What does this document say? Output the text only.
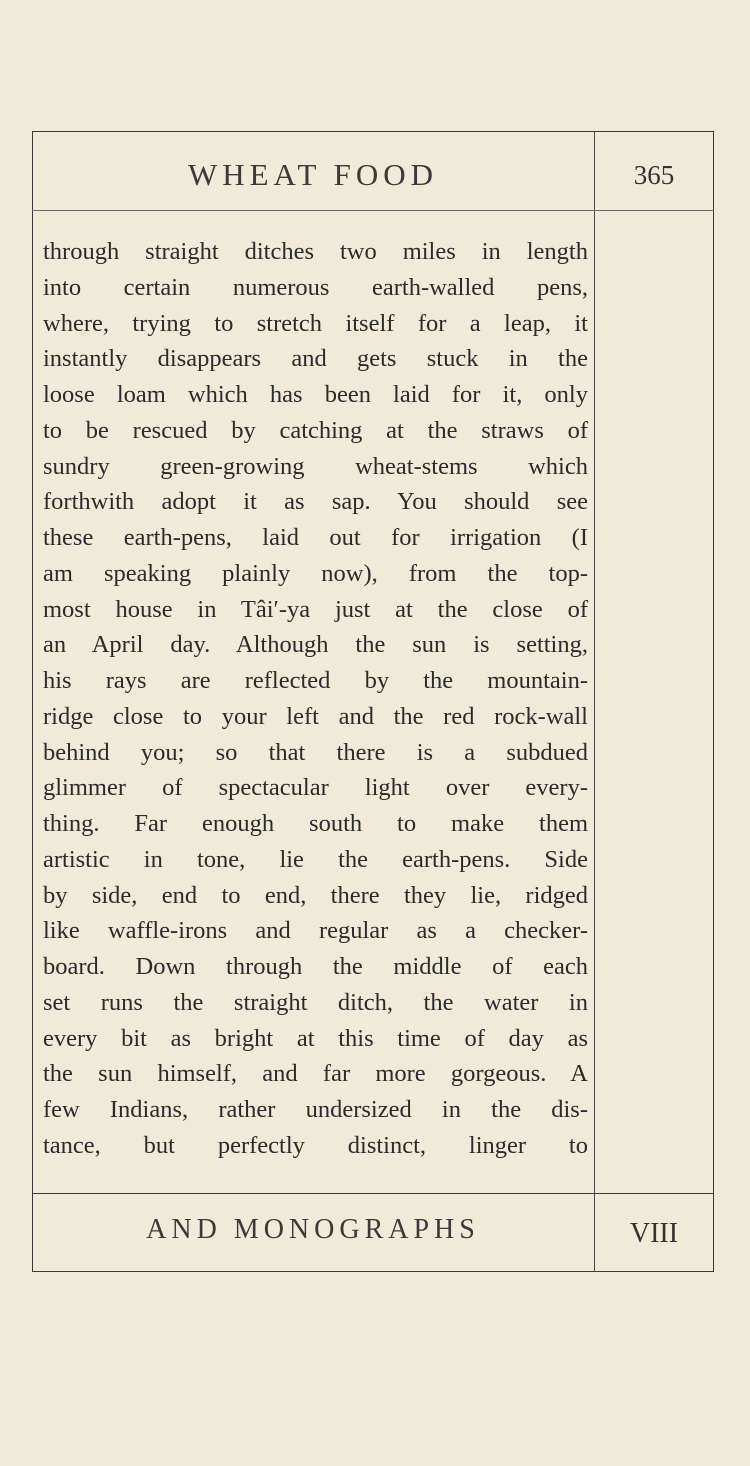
WHEAT FOOD	365
through straight ditches two miles in length
into certain numerous earth-walled pens,
where, trying to stretch itself for a leap, it
instantly disappears and gets stuck in the
loose loam which has been laid for it, only
to be rescued by catching at the straws of
sundry green-growing wheat-stems which
forthwith adopt it as sap. You should see
these earth-pens, laid out for irrigation (I
am speaking plainly now), from the top-
most house in Tâi′-ya just at the close of
an April day. Although the sun is setting,
his rays are reflected by the mountain-
ridge close to your left and the red rock-wall
behind you; so that there is a subdued
glimmer of spectacular light over every-
thing. Far enough south to make them
artistic in tone, lie the earth-pens. Side
by side, end to end, there they lie, ridged
like waffle-irons and regular as a checker-
board. Down through the middle of each
set runs the straight ditch, the water in
every bit as bright at this time of day as
the sun himself, and far more gorgeous. A
few Indians, rather undersized in the dis-
tance, but perfectly distinct, linger to
AND MONOGRAPHS	VIII
